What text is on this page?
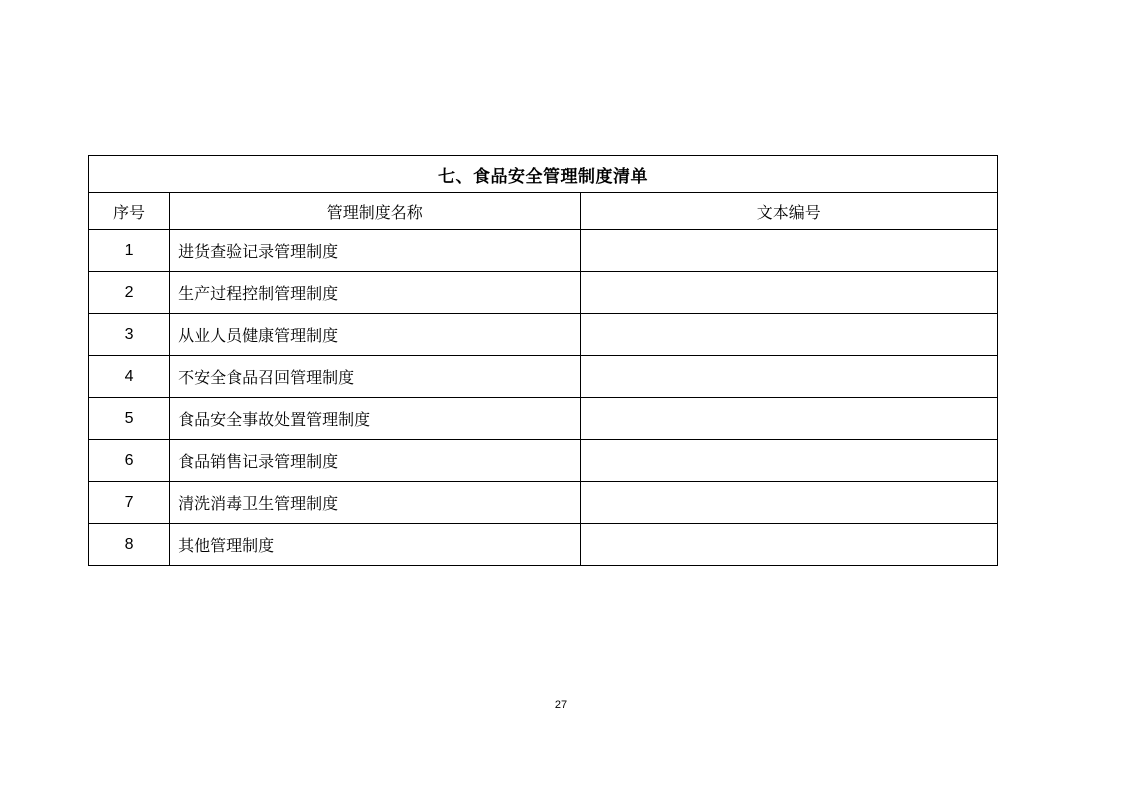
七、食品安全管理制度清单		
序号	管理制度名称	文本编号
1	进货查验记录管理制度	
2	生产过程控制管理制度	
3	从业人员健康管理制度	
4	不安全食品召回管理制度	
5	食品安全事故处置管理制度	
6	食品销售记录管理制度	
7	清洗消毒卫生管理制度	
8	其他管理制度	
27
